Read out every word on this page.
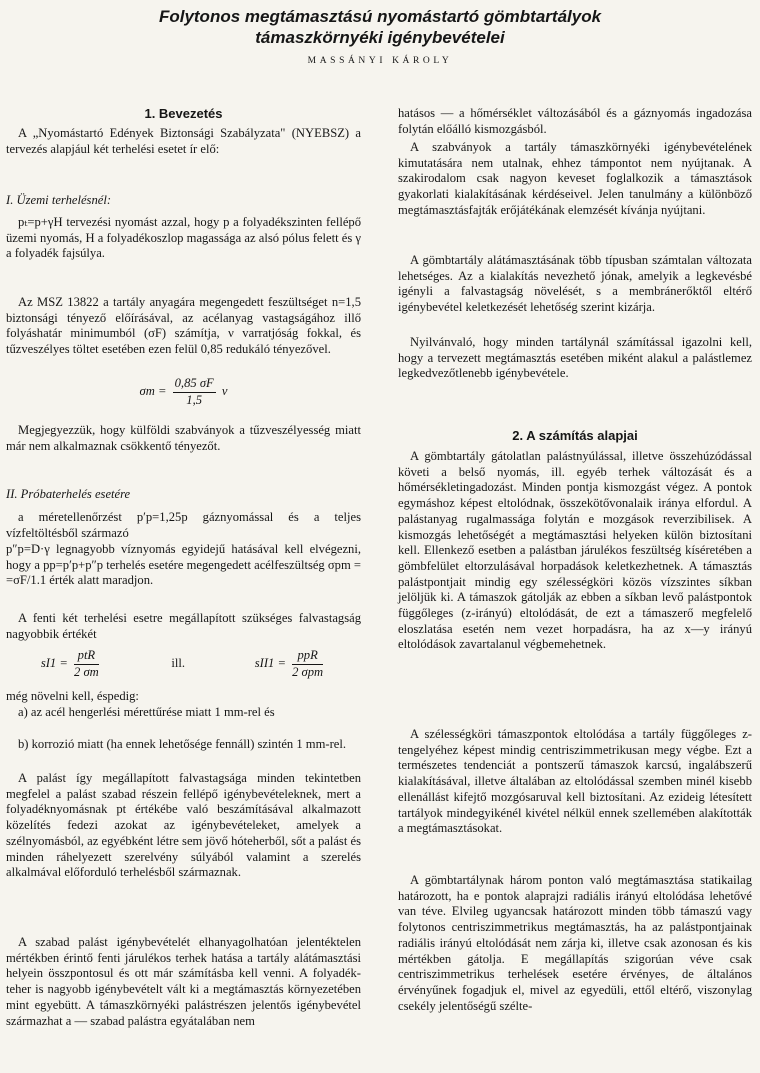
Folytonos megtámasztású nyomástartó gömbtartályok
támaszkörnyéki igénybevételei
MASSÁNYI KÁROLY
1. Bevezetés

A „Nyomástartó Edények Biztonsági Szabályzata" (NYEBSZ) a tervezés alapjául két terhelési esetet ír elő:

I. Üzemi terhelésnél:

pₜ=p+γH tervezési nyomást azzal, hogy p a folyadékszinten fellépő üzemi nyomás, H a folyadékoszlop magassága az alsó pólus felett és γ a folyadék fajsúlya.

Az MSZ 13822 a tartály anyagára megengedett feszültséget n=1,5 biztonsági tényező előírásával, az acélanyag vastagságához illő folyáshatár minimumból (σF) számítja, ν varratjóság fokkal, és tűzveszélyes töltet esetében ezen felül 0,85 redukáló tényezővel.

$\sigma m = \frac{0,85 \sigma F}{1,5}$ ν

Megjegyezzük, hogy külföldi szabványok a tűzveszélyesség miatt már nem alkalmaznak csökkentő tényezőt.

II. Próbaterhelés esetére

a méretellenőrzést p′p=1,25p gáznyomással és a teljes vízfeltöltésből származó

p″p=D·γ legnagyobb víznyomás egyidejű hatásával kell elvégezni, hogy a pp=p′p+p″p terhelés esetére megengedett acélfeszültség σpm = =σF/1.1 érték alatt maradjon.

A fenti két terhelési esetre megállapított szükséges falvastagság nagyobbik értékét

$sI1 = \frac{\text{ptR}}{2 \sigma m}$	ill.	$sII1 = \frac{\text{ppR}}{\text{2 σpm}}$

még növelni kell, éspedig:

a) az acél hengerlési mérettűrése miatt 1 mm-rel és

b) korrozió miatt (ha ennek lehetősége fennáll) szintén 1 mm-rel.

A palást így megállapított falvastagsága minden tekintetben megfelel a palást szabad részein fellépő igénybevételeknek, mert a folyadéknyomásnak pt értékébe való beszámításával alkalmazott közelítés fedezi azokat az igénybevételeket, amelyek a szélnyomásból, az egyébként létre sem jövő hóteherből, sőt a palást és minden ráhelyezett szerelvény súlyából valamint a szerelés alkalmával előforduló terhelésből származnak.

A szabad palást igénybevételét elhanyagolhatóan jelentéktelen mértékben érintő fenti járulékos terhek hatása a tartály alátámasztási helyein összpontosul és ott már számításba kell venni. A folyadék-teher is nagyobb igénybevételt vált ki a megtámasztás környezetében mint egyebütt. A támaszkörnyéki palástrészen jelentős igénybevétel származhat a — szabad palástra egyátalában nem

hatásos — a hőmérséklet változásából és a gáznyomás ingadozása folytán előálló kismozgásból.

A szabványok a tartály támaszkörnyéki igénybevételének kimutatására nem utalnak, ehhez támpontot nem nyújtanak. A szakirodalom csak nagyon keveset foglalkozik a támasztások gyakorlati kialakításának kérdéseivel. Jelen tanulmány a különböző megtámasztásfajták erőjátékának elemzését kívánja nyújtani.

A gömbtartály alátámasztásának több típusban számtalan változata lehetséges. Az a kialakítás nevezhető jónak, amelyik a legkevésbé igényli a falvastagság növelését, s a membránerőktől eltérő igénybevétel keletkezését lehetőség szerint kizárja.

Nyilvánvaló, hogy minden tartálynál számítással igazolni kell, hogy a tervezett megtámasztás esetében miként alakul a palástlemez legkedvezőtlenebb igénybevétele.

2. A számítás alapjai

A gömbtartály gátolatlan palástnyúlással, illetve összehúzódással követi a belső nyomás, ill. egyéb terhek változását és a hőmérsékletingadozást. Minden pontja kismozgást végez. A pontok egymáshoz képest eltolódnak, összekötővonalaik iránya elfordul. A palástanyag rugalmassága folytán e mozgások reverzibilisek. A kismozgás lehetőségét a megtámasztási helyeken külön biztosítani kell. Ellenkező esetben a palástban járulékos feszültség kíséretében a gömbfelület eltorzulásával horpadások keletkezhetnek. A támasztás palástpontjait mindig egy szélességköri közös vízszintes síkban jelöljük ki. A támaszok gátolják az ebben a síkban levő palástpontok függőleges (z-irányú) eltolódását, de ezt a támaszerő megfelelő eloszlatása esetén nem vezet horpadásra, ha az x—y irányú eltolódások zavartalanul végbemehetnek.

A szélességköri támaszpontok eltolódása a tartály függőleges z-tengelyéhez képest mindig centriszimmetrikusan megy végbe. Ezt a természetes tendenciát a pontszerű támaszok karcsú, ingalábszerű kialakításával, illetve általában az eltolódással szemben minél kisebb ellenállást kifejtő mozgósaruval kell biztosítani. Az ezideig létesített tartályok mindegyikénél kivétel nélkül ennek szellemében alakították a megtámasztásokat.

A gömbtartálynak három ponton való megtámasztása statikailag határozott, ha e pontok alaprajzi radiális irányú eltolódása lehetővé van téve. Elvileg ugyancsak határozott minden több támaszú vagy folytonos centriszimmetrikus megtámasztás, ha az palástpontjainak radiális irányú eltolódását nem zárja ki, illetve csak azonosan és kis mértékben gátolja. E megállapítás szigorúan véve csak centriszimmetrikus terhelések esetére érvényes, de általános érvényűnek fogadjuk el, mivel az egyedüli, ettől eltérő, viszonylag csekély jelentőségű szélte-
